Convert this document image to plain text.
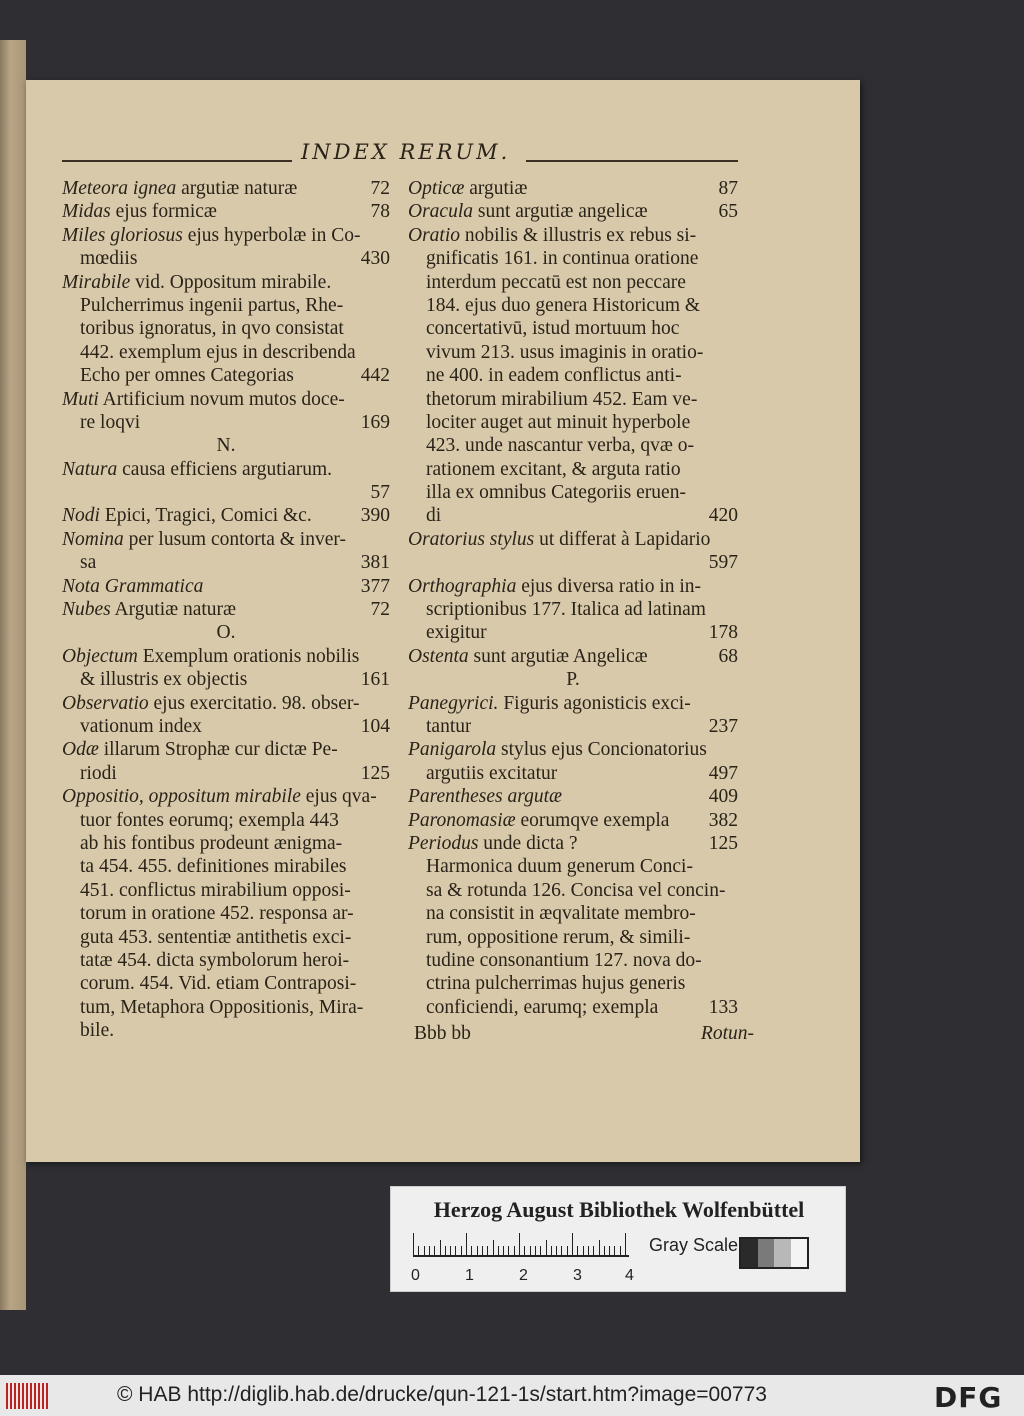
INDEX RERUM.
Meteora ignea argutiæ naturæ	72
Midas ejus formicæ	78
Miles gloriosus ejus hyperbolæ in Co-
mœdiis	430
Mirabile vid. Oppositum mirabile.
Pulcherrimus ingenii partus, Rhe-
toribus ignoratus, in qvo consistat
442. exemplum ejus in describenda
Echo per omnes Categorias	442
Muti Artificium novum mutos doce-
re loqvi	169
N.
Natura causa efficiens argutiarum.
57
Nodi Epici, Tragici, Comici &c.	390
Nomina per lusum contorta & inver-
sa	381
Nota Grammatica	377
Nubes Argutiæ naturæ	72
O.
Objectum Exemplum orationis nobilis
& illustris ex objectis	161
Observatio ejus exercitatio. 98. obser-
vationum index	104
Odæ illarum Strophæ cur dictæ Pe-
riodi	125
Oppositio, oppositum mirabile ejus qva-
tuor fontes eorumq; exempla 443
ab his fontibus prodeunt ænigma-
ta 454. 455. definitiones mirabiles
451. conflictus mirabilium opposi-
torum in oratione 452. responsa ar-
guta 453. sententiæ antithetis exci-
tatæ 454. dicta symbolorum heroi-
corum. 454. Vid. etiam Contraposi-
tum, Metaphora Oppositionis, Mira-
bile.
Opticæ argutiæ	87
Oracula sunt argutiæ angelicæ	65
Oratio nobilis & illustris ex rebus si-
gnificatis 161. in continua oratione
interdum peccatū est non peccare
184. ejus duo genera Historicum &
concertativū, istud mortuum hoc
vivum 213. usus imaginis in oratio-
ne 400. in eadem conflictus anti-
thetorum mirabilium 452. Eam ve-
lociter auget aut minuit hyperbole
423. unde nascantur verba, qvæ o-
rationem excitant, & arguta ratio
illa ex omnibus Categoriis eruen-
di	420
Oratorius stylus ut differat à Lapidario
597
Orthographia ejus diversa ratio in in-
scriptionibus 177. Italica ad latinam
exigitur	178
Ostenta sunt argutiæ Angelicæ	68
P.
Panegyrici. Figuris agonisticis exci-
tantur	237
Panigarola stylus ejus Concionatorius
argutiis excitatur	497
Parentheses argutæ	409
Paronomasiæ eorumqve exempla	382
Periodus unde dicta ?	125
Harmonica duum generum Conci-
sa & rotunda 126. Concisa vel concin-
na consistit in æqvalitate membro-
rum, oppositione rerum, & simili-
tudine consonantium 127. nova do-
ctrina pulcherrimas hujus generis
conficiendi, earumq; exempla	133
Bbb bb	Rotun-
Herzog August Bibliothek Wolfenbüttel
0	1	2	3	4
Gray Scale
© HAB http://diglib.hab.de/drucke/qun-121-1s/start.htm?image=00773	DFG
